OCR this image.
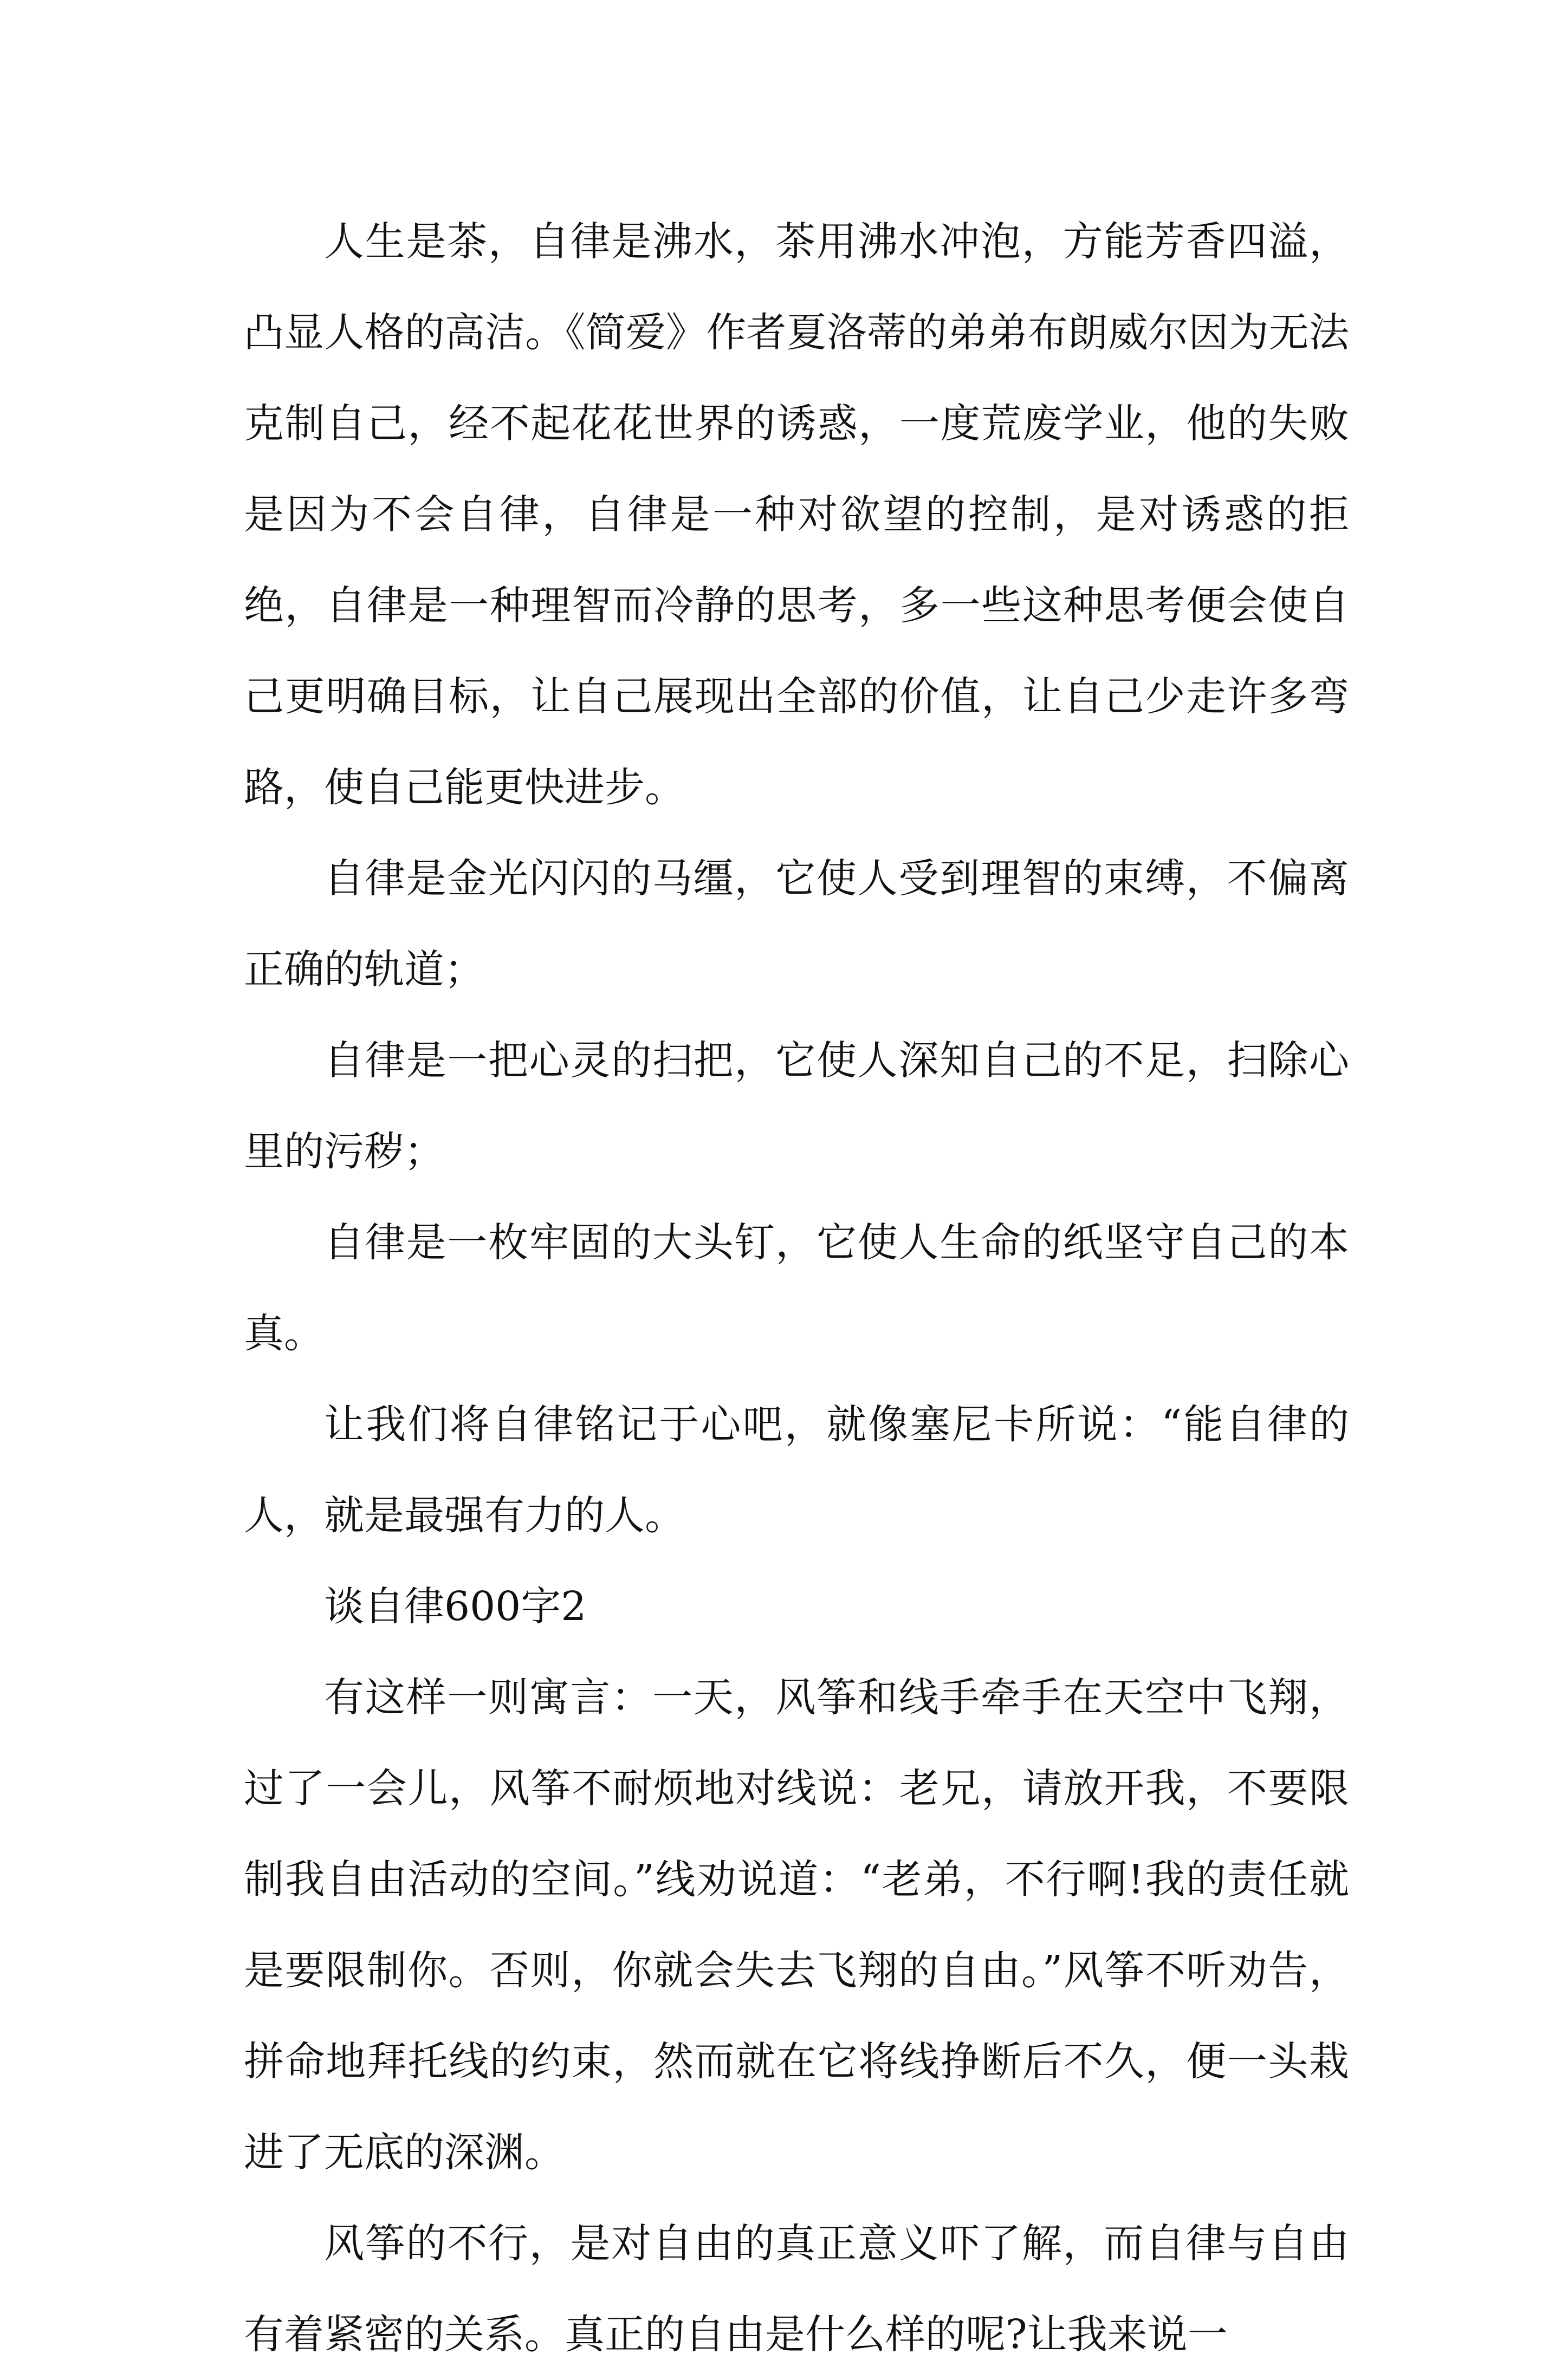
人生是茶，自律是沸水，茶用沸水冲泡，方能芳香四溢，凸显人格的高洁。《简爱》作者夏洛蒂的弟弟布朗威尔因为无法克制自己，经不起花花世界的诱惑，一度荒废学业，他的失败是因为不会自律，自律是一种对欲望的控制，是对诱惑的拒绝，自律是一种理智而冷静的思考，多一些这种思考便会使自己更明确目标，让自己展现出全部的价值，让自己少走许多弯路，使自己能更快进步。

自律是金光闪闪的马缰，它使人受到理智的束缚，不偏离正确的轨道；

自律是一把心灵的扫把，它使人深知自己的不足，扫除心里的污秽；

自律是一枚牢固的大头钉，它使人生命的纸坚守自己的本真。

让我们将自律铭记于心吧，就像塞尼卡所说：“能自律的人，就是最强有力的人。

谈自律600字2

有这样一则寓言：一天，风筝和线手牵手在天空中飞翔，过了一会儿，风筝不耐烦地对线说：老兄，请放开我，不要限制我自由活动的空间。”线劝说道：“老弟，不行啊!我的责任就是要限制你。否则，你就会失去飞翔的自由。”风筝不听劝告，拼命地拜托线的约束，然而就在它将线挣断后不久，便一头栽进了无底的深渊。

风筝的不行，是对自由的真正意义吓了解，而自律与自由有着紧密的关系。真正的自由是什么样的呢?让我来说一
